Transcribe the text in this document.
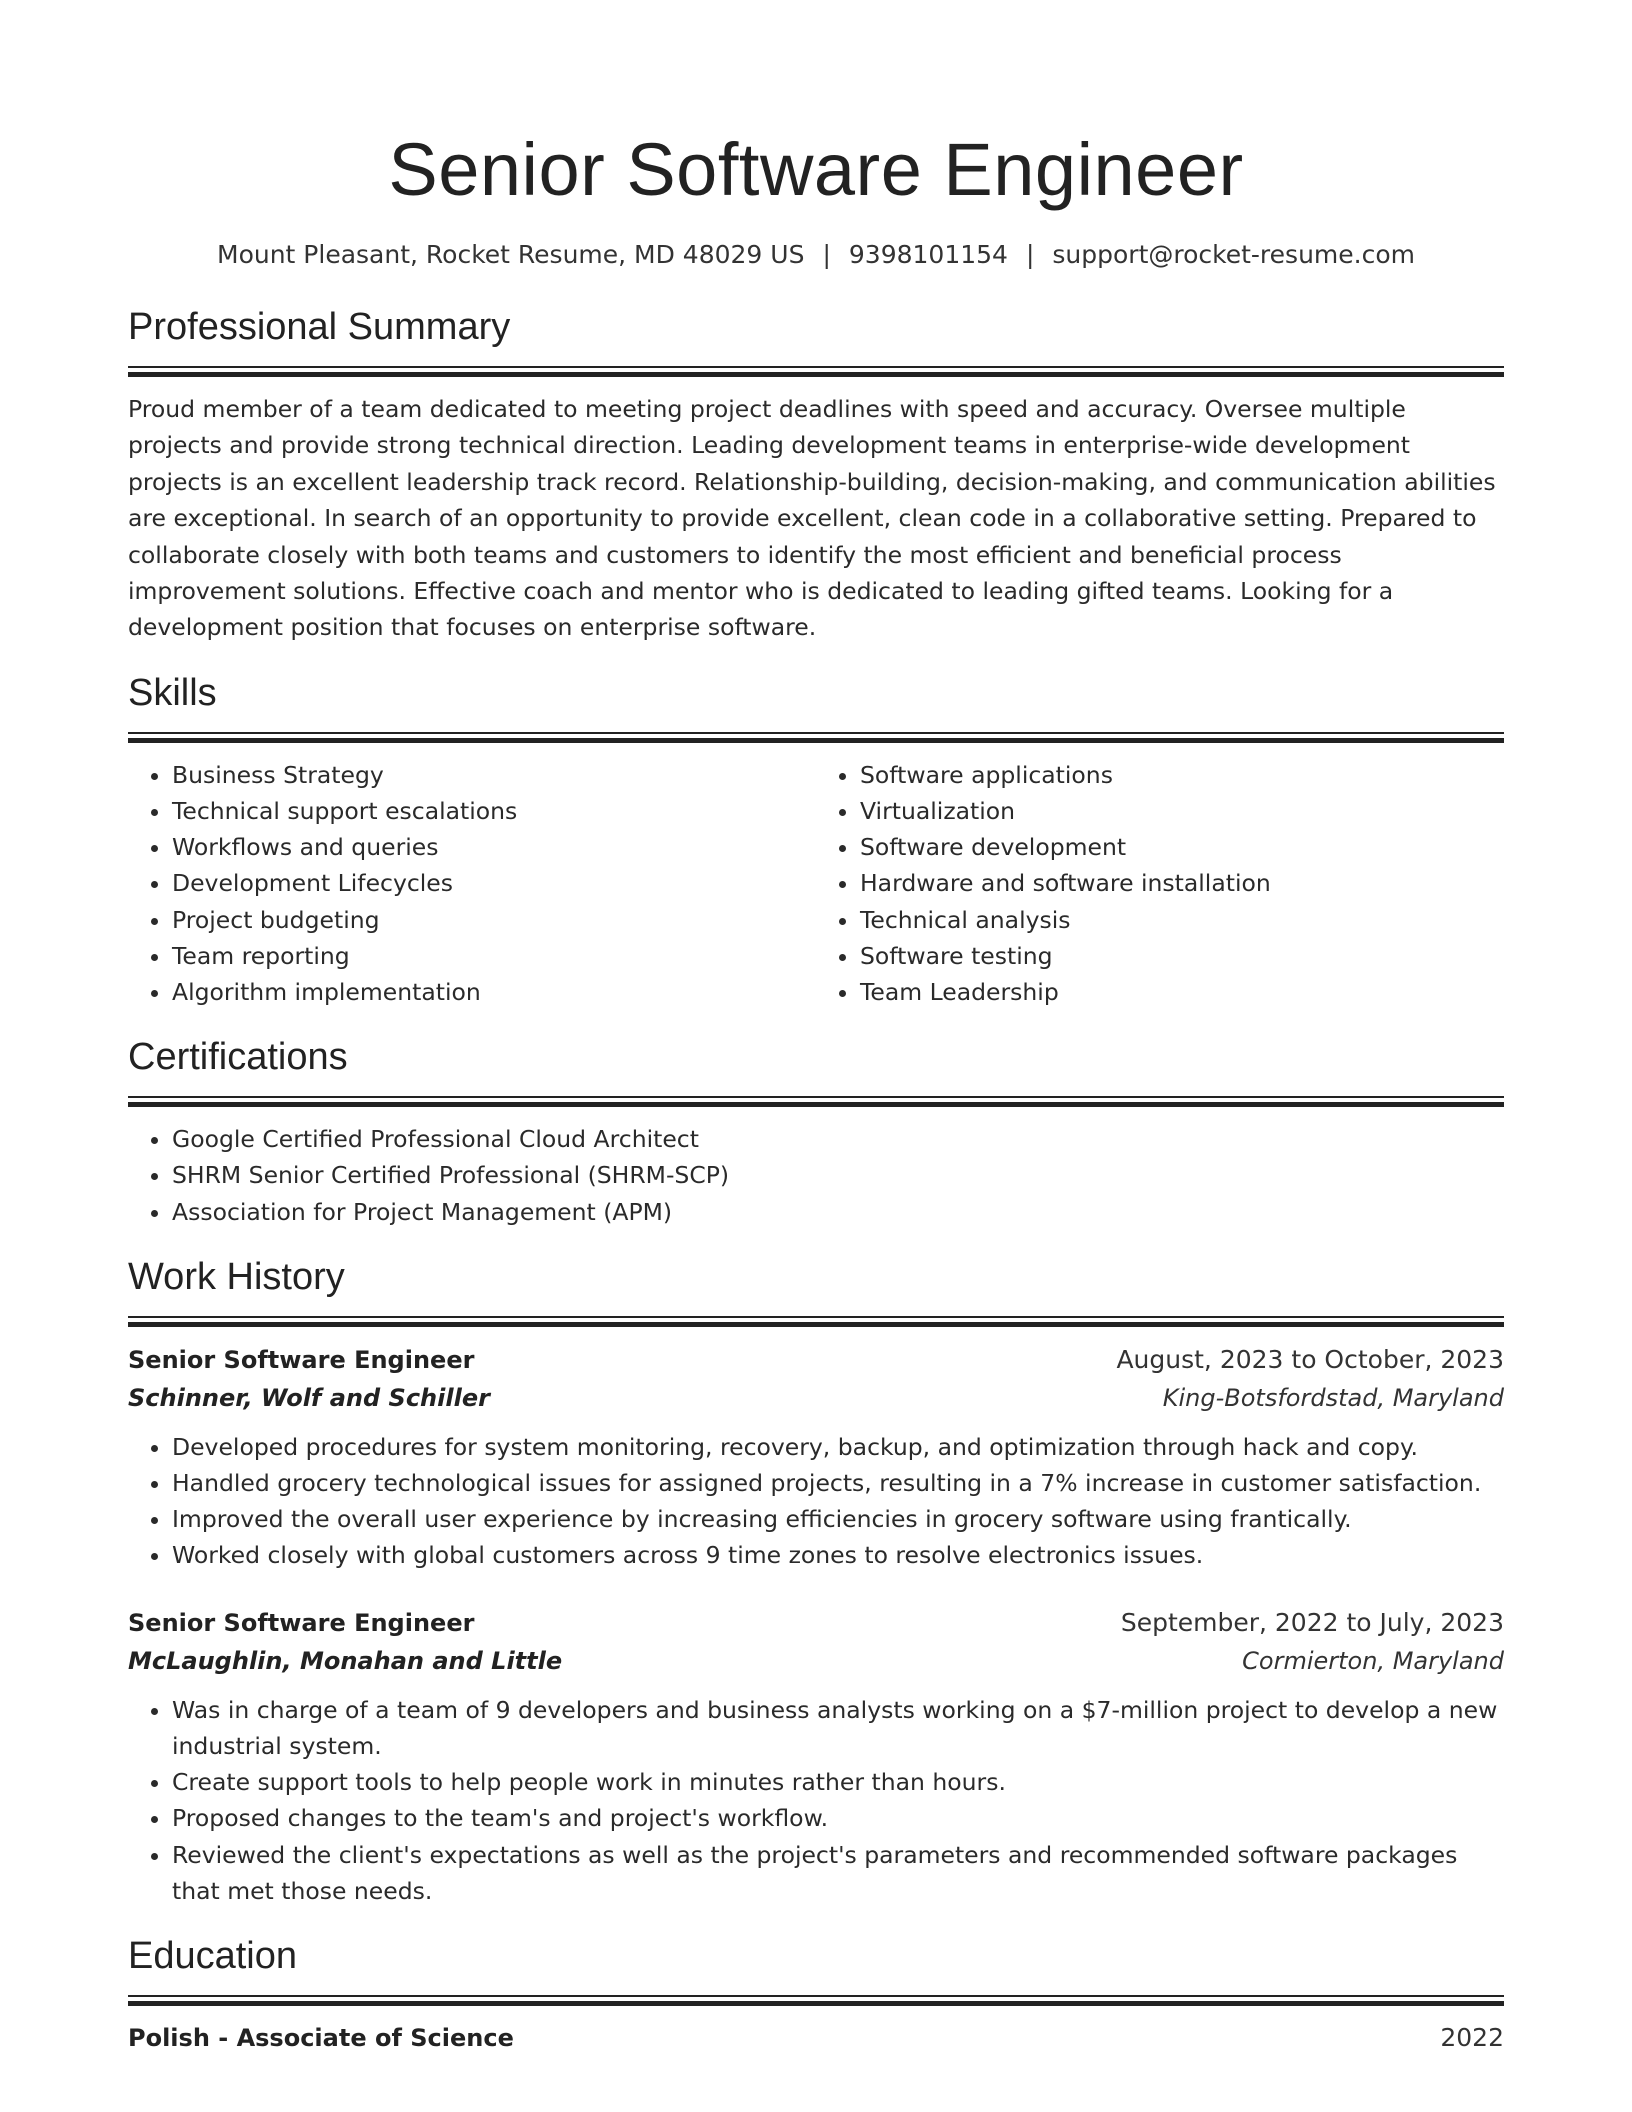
Senior Software Engineer
Mount Pleasant, Rocket Resume, MD 48029 US | 9398101154 | support@rocket-resume.com
Professional Summary

Proud member of a team dedicated to meeting project deadlines with speed and accuracy. Oversee multiple projects and provide strong technical direction. Leading development teams in enterprise-wide development projects is an excellent leadership track record. Relationship-building, decision-making, and communication abilities are exceptional. In search of an opportunity to provide excellent, clean code in a collaborative setting. Prepared to collaborate closely with both teams and customers to identify the most efficient and beneficial process improvement solutions. Effective coach and mentor who is dedicated to leading gifted teams. Looking for a development position that focuses on enterprise software.

Skills
• Business Strategy
• Technical support escalations
• Workflows and queries
• Development Lifecycles
• Project budgeting
• Team reporting
• Algorithm implementation
• Software applications
• Virtualization
• Software development
• Hardware and software installation
• Technical analysis
• Software testing
• Team Leadership
Certifications
• Google Certified Professional Cloud Architect
• SHRM Senior Certified Professional (SHRM-SCP)
• Association for Project Management (APM)
Work History
Senior Software Engineer	August, 2023 to October, 2023
Schinner, Wolf and Schiller	King-Botsfordstad, Maryland
• Developed procedures for system monitoring, recovery, backup, and optimization through hack and copy.
• Handled grocery technological issues for assigned projects, resulting in a 7% increase in customer satisfaction.
• Improved the overall user experience by increasing efficiencies in grocery software using frantically.
• Worked closely with global customers across 9 time zones to resolve electronics issues.
Senior Software Engineer	September, 2022 to July, 2023
McLaughlin, Monahan and Little	Cormierton, Maryland
• Was in charge of a team of 9 developers and business analysts working on a $7-million project to develop a new industrial system.
• Create support tools to help people work in minutes rather than hours.
• Proposed changes to the team's and project's workflow.
• Reviewed the client's expectations as well as the project's parameters and recommended software packages that met those needs.
Education
Polish - Associate of Science	2022
